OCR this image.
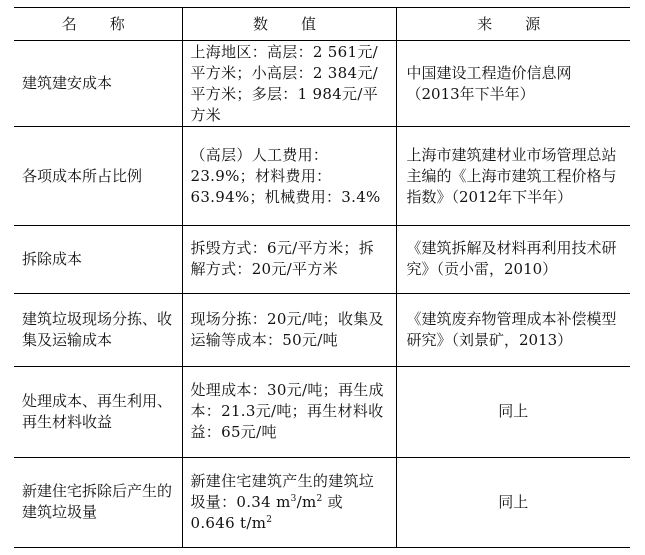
名　称	数　值	来　源
建筑建安成本	上海地区：高层：2 561元/平方米；小高层：2 384元/平方米；多层：1 984元/平方米	中国建设工程造价信息网（2013年下半年）
各项成本所占比例	（高层）人工费用：23.9%；材料费用：63.94%；机械费用：3.4%	上海市建筑建材业市场管理总站主编的《上海市建筑工程价格与指数》（2012年下半年）
拆除成本	拆毁方式：6元/平方米；拆解方式：20元/平方米	《建筑拆解及材料再利用技术研究》（贡小雷，2010）
建筑垃圾现场分拣、收集及运输成本	现场分拣：20元/吨；收集及运输等成本：50元/吨	《建筑废弃物管理成本补偿模型研究》（刘景矿，2013）
处理成本、再生利用、再生材料收益	处理成本：30元/吨；再生成本：21.3元/吨；再生材料收益：65元/吨	同上
新建住宅拆除后产生的建筑垃圾量	新建住宅建筑产生的建筑垃圾量：0.34 $m^3/m^2$ 或 0.646 $t/m^2$	同上
